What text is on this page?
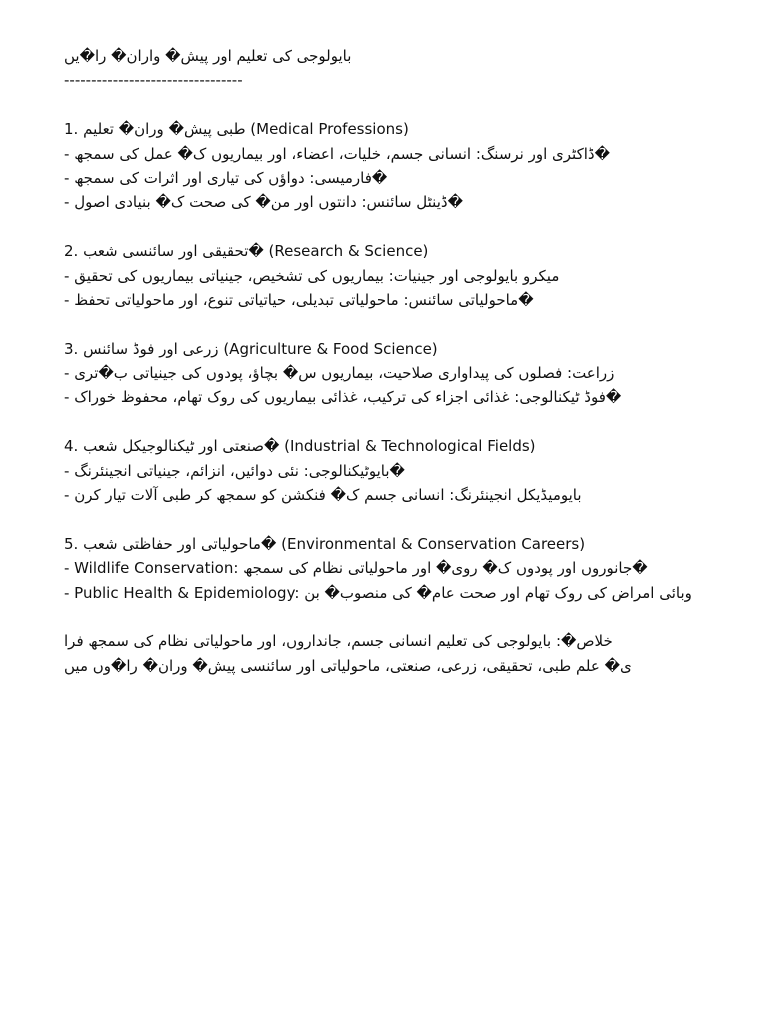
بایولوجی کی تعلیم اور پیش� واران� را�یں
---------------------------------
1. طبی پیش� وران� تعلیم (Medical Professions)
- ڈاکٹری اور نرسنگ: انسانی جسم، خلیات، اعضاء، اور بیماریوں ک� عمل کی سمجھ�
- فارمیسی: دواؤں کی تیاری اور اثرات کی سمجھ�
- ڈینٹل سائنس: دانتوں اور من� کی صحت ک� بنیادی اصول�
2. تحقیقی اور سائنسی شعب� (Research & Science)
- میکرو بایولوجی اور جینیات: بیماریوں کی تشخیص، جینیاتی بیماریوں کی تحقیق
- ماحولیاتی سائنس: ماحولیاتی تبدیلی، حیاتیاتی تنوع، اور ماحولیاتی تحفظ�
3. زرعی اور فوڈ سائنس (Agriculture & Food Science)
- زراعت: فصلوں کی پیداواری صلاحیت، بیماریوں س� بچاؤ، پودوں کی جینیاتی ب�تری
- فوڈ ٹیکنالوجی: غذائی اجزاء کی ترکیب، غذائی بیماریوں کی روک تھام، محفوظ خوراک�
4. صنعتی اور ٹیکنالوجیکل شعب� (Industrial & Technological Fields)
- بایوٹیکنالوجی: نئی دوائیں، انزائم، جینیاتی انجینئرنگ�
- بایومیڈیکل انجینئرنگ: انسانی جسم ک� فنکشن کو سمجھ کر طبی آلات تیار کرن
5. ماحولیاتی اور حفاظتی شعب� (Environmental & Conservation Careers)
- Wildlife Conservation: جانوروں اور پودوں ک� روی� اور ماحولیاتی نظام کی سمجھ�
- Public Health & Epidemiology: وبائی امراض کی روک تھام اور صحت عام� کی منصوب� بن
خلاص�: بایولوجی کی تعلیم انسانی جسم، جانداروں، اور ماحولیاتی نظام کی سمجھ فرا
ی� علم طبی، تحقیقی، زرعی، صنعتی، ماحولیاتی اور سائنسی پیش� وران� را�وں میں
